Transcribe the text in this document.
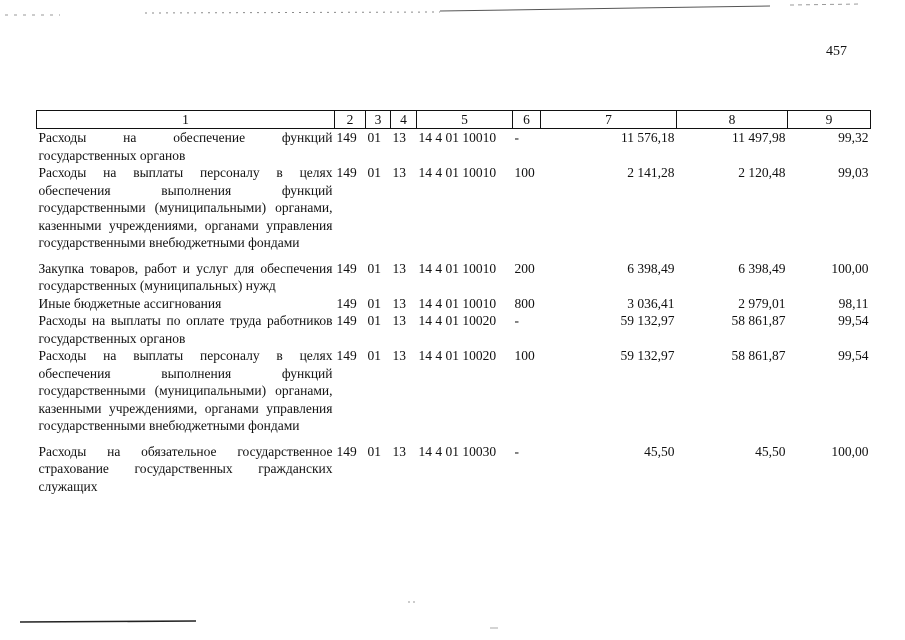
457
1	2	3	4	5	6	7	8	9
Расходы на обеспечение функций государственных органов	149	01	13	14 4 01 10010	-	11 576,18	11 497,98	99,32
Расходы на выплаты персоналу в целях обеспечения выполнения функций государственными (муниципальными) органами, казенными учреждениями, органами управления государственными внебюджетными фондами	149	01	13	14 4 01 10010	100	2 141,28	2 120,48	99,03

Закупка товаров, работ и услуг для обеспечения государственных (муниципальных) нужд	149	01	13	14 4 01 10010	200	6 398,49	6 398,49	100,00
Иные бюджетные ассигнования	149	01	13	14 4 01 10010	800	3 036,41	2 979,01	98,11
Расходы на выплаты по оплате труда работников государственных органов	149	01	13	14 4 01 10020	-	59 132,97	58 861,87	99,54
Расходы на выплаты персоналу в целях обеспечения выполнения функций государственными (муниципальными) органами, казенными учреждениями, органами управления государственными внебюджетными фондами	149	01	13	14 4 01 10020	100	59 132,97	58 861,87	99,54

Расходы на обязательное государственное страхование государственных гражданских служащих	149	01	13	14 4 01 10030	-	45,50	45,50	100,00
